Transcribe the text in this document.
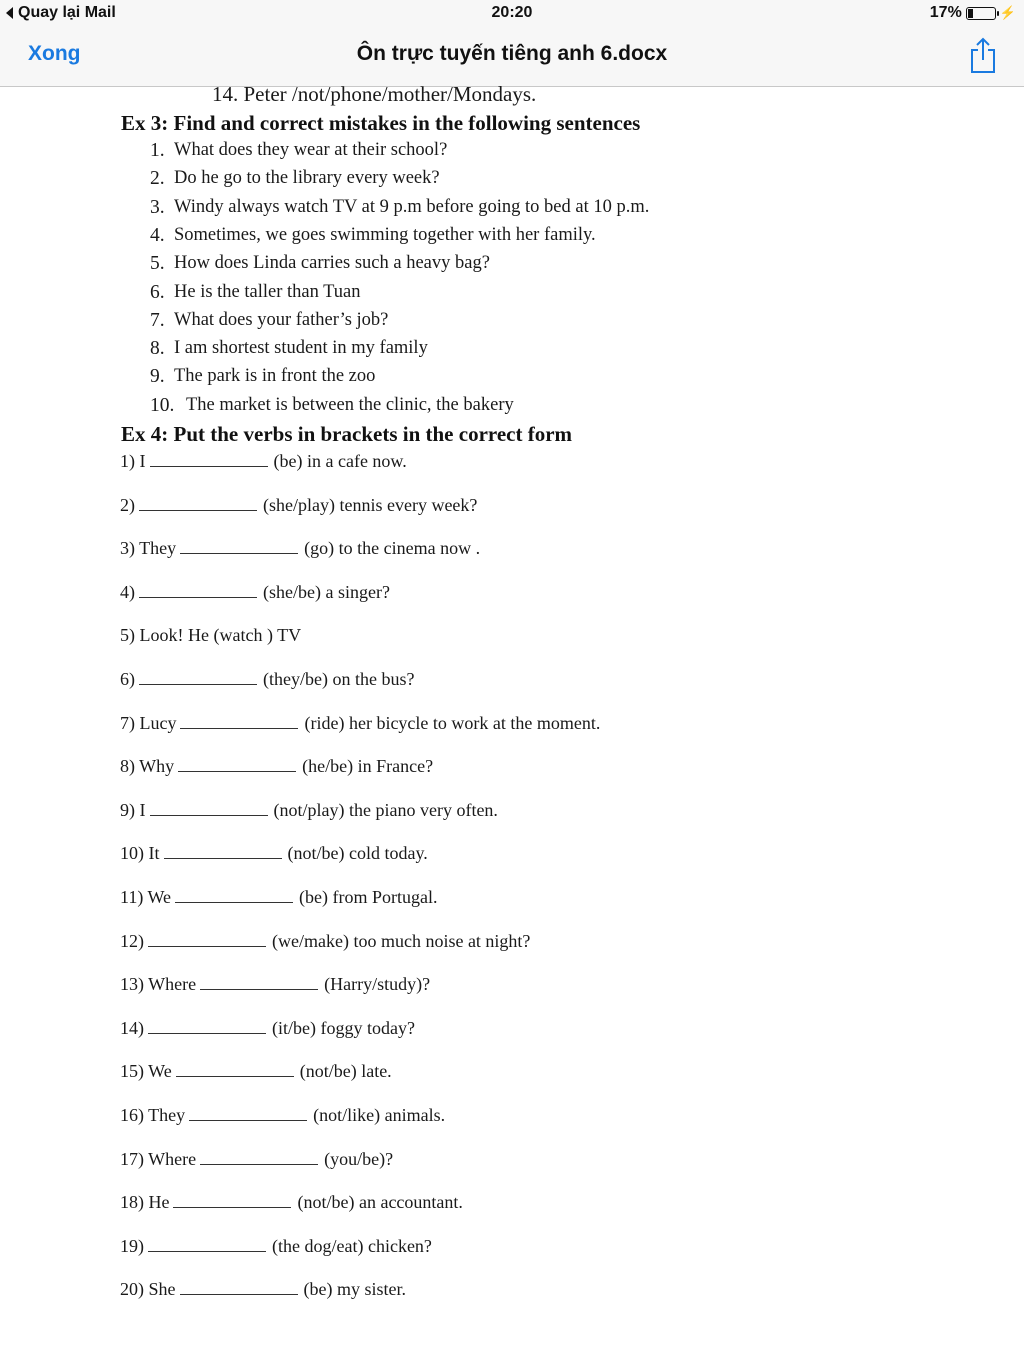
Quay lại Mail	20:20	17%	⚡
Xong	Ôn trực tuyến tiêng anh 6.docx
14. Peter /not/phone/mother/Mondays.
Ex 3: Find and correct mistakes in the following sentences
1. What does they wear at their school?
2. Do he go to the library every week?
3. Windy always watch TV at 9 p.m before going to bed at 10 p.m.
4. Sometimes, we goes swimming together with her family.
5. How does Linda carries such a heavy bag?
6. He is the taller than Tuan
7. What does your father’s job?
8. I am shortest student in my family
9. The park is in front the zoo
10. The market is between the clinic, the bakery
Ex 4: Put the verbs in brackets in the correct form
1) I	(be) in a cafe now.
2)	(she/play) tennis every week?
3) They	(go) to the cinema now .
4)	(she/be) a singer?
5) Look! He (watch ) TV
6)	(they/be) on the bus?
7) Lucy	(ride) her bicycle to work at the moment.
8) Why	(he/be) in France?
9) I	(not/play) the piano very often.
10) It	(not/be) cold today.
11) We	(be) from Portugal.
12)	(we/make) too much noise at night?
13) Where	(Harry/study)?
14)	(it/be) foggy today?
15) We	(not/be) late.
16) They	(not/like) animals.
17) Where	(you/be)?
18) He	(not/be) an accountant.
19)	(the dog/eat) chicken?
20) She	(be) my sister.
